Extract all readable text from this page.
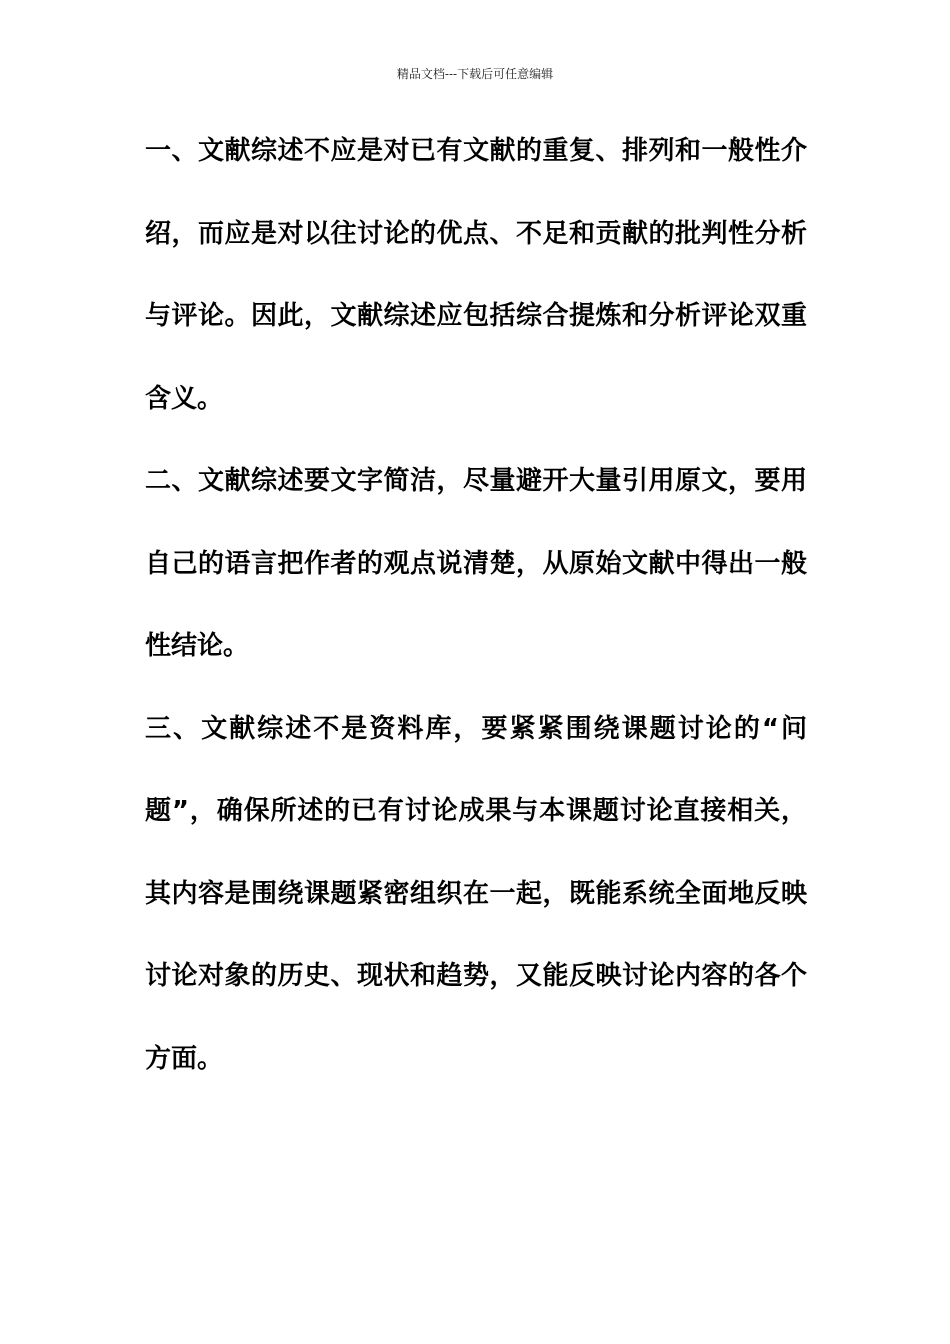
精品文档---下载后可任意编辑

一、文献综述不应是对已有文献的重复、排列和一般性介绍，而应是对以往讨论的优点、不足和贡献的批判性分析与评论。因此，文献综述应包括综合提炼和分析评论双重含义。

二、文献综述要文字简洁，尽量避开大量引用原文，要用自己的语言把作者的观点说清楚，从原始文献中得出一般性结论。

三、文献综述不是资料库，要紧紧围绕课题讨论的“问题”，确保所述的已有讨论成果与本课题讨论直接相关，其内容是围绕课题紧密组织在一起，既能系统全面地反映讨论对象的历史、现状和趋势，又能反映讨论内容的各个方面。
